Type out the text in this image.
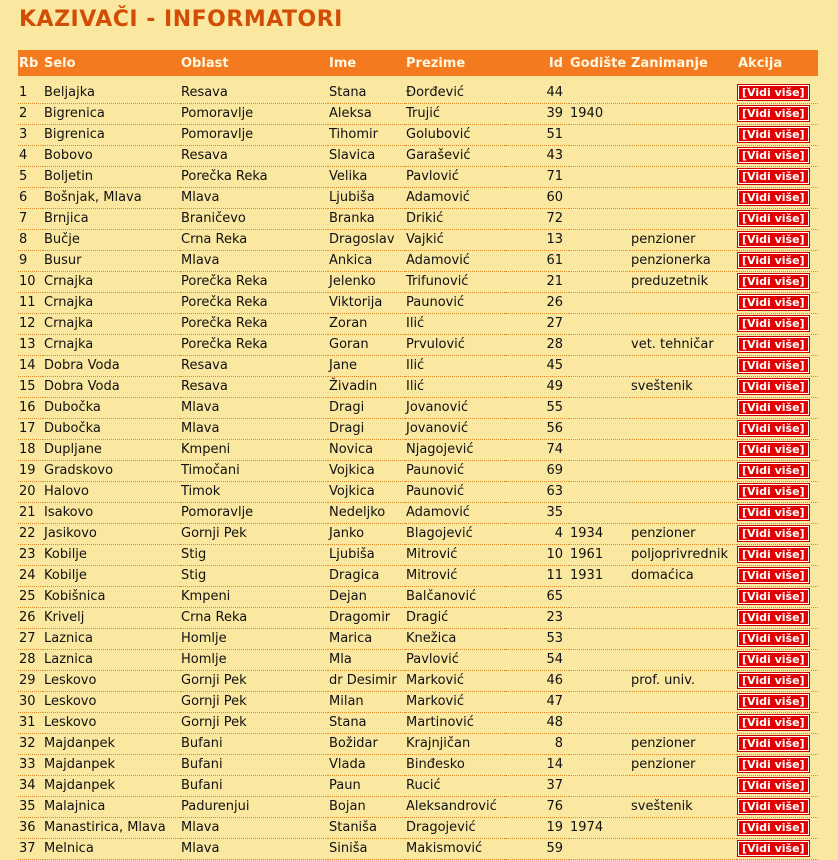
KAZIVAČI - INFORMATORI
Rb	Selo	Oblast	Ime	Prezime	Id	Godište	Zanimanje	Akcija

1	Beljajka	Resava	Stana	Đorđević	44			[Vidi više]
2	Bigrenica	Pomoravlje	Aleksa	Trujić	39	1940		[Vidi više]
3	Bigrenica	Pomoravlje	Tihomir	Golubović	51			[Vidi više]
4	Bobovo	Resava	Slavica	Garašević	43			[Vidi više]
5	Boljetin	Porečka Reka	Velika	Pavlović	71			[Vidi više]
6	Bošnjak, Mlava	Mlava	Ljubiša	Adamović	60			[Vidi više]
7	Brnjica	Braničevo	Branka	Drikić	72			[Vidi više]
8	Bučje	Crna Reka	Dragoslav	Vajkić	13		penzioner	[Vidi više]
9	Busur	Mlava	Ankica	Adamović	61		penzionerka	[Vidi više]
10	Crnajka	Porečka Reka	Jelenko	Trifunović	21		preduzetnik	[Vidi više]
11	Crnajka	Porečka Reka	Viktorija	Paunović	26			[Vidi više]
12	Crnajka	Porečka Reka	Zoran	Ilić	27			[Vidi više]
13	Crnajka	Porečka Reka	Goran	Prvulović	28		vet. tehničar	[Vidi više]
14	Dobra Voda	Resava	Jane	Ilić	45			[Vidi više]
15	Dobra Voda	Resava	Živadin	Ilić	49		sveštenik	[Vidi više]
16	Dubočka	Mlava	Dragi	Jovanović	55			[Vidi više]
17	Dubočka	Mlava	Dragi	Jovanović	56			[Vidi više]
18	Dupljane	Kmpeni	Novica	Njagojević	74			[Vidi više]
19	Gradskovo	Timočani	Vojkica	Paunović	69			[Vidi više]
20	Halovo	Timok	Vojkica	Paunović	63			[Vidi više]
21	Isakovo	Pomoravlje	Nedeljko	Adamović	35			[Vidi više]
22	Jasikovo	Gornji Pek	Janko	Blagojević	4	1934	penzioner	[Vidi više]
23	Kobilje	Stig	Ljubiša	Mitrović	10	1961	poljoprivrednik	[Vidi više]
24	Kobilje	Stig	Dragica	Mitrović	11	1931	domaćica	[Vidi više]
25	Kobišnica	Kmpeni	Dejan	Balčanović	65			[Vidi više]
26	Krivelj	Crna Reka	Dragomir	Dragić	23			[Vidi više]
27	Laznica	Homlje	Marica	Knežica	53			[Vidi više]
28	Laznica	Homlje	Mla	Pavlović	54			[Vidi više]
29	Leskovo	Gornji Pek	dr Desimir	Marković	46		prof. univ.	[Vidi više]
30	Leskovo	Gornji Pek	Milan	Marković	47			[Vidi više]
31	Leskovo	Gornji Pek	Stana	Martinović	48			[Vidi više]
32	Majdanpek	Bufani	Božidar	Krajnjičan	8		penzioner	[Vidi više]
33	Majdanpek	Bufani	Vlada	Binđesko	14		penzioner	[Vidi više]
34	Majdanpek	Bufani	Paun	Rucić	37			[Vidi više]
35	Malajnica	Padurenjui	Bojan	Aleksandrović	76		sveštenik	[Vidi više]
36	Manastirica, Mlava	Mlava	Staniša	Dragojević	19	1974		[Vidi više]
37	Melnica	Mlava	Siniša	Makismović	59			[Vidi više]
